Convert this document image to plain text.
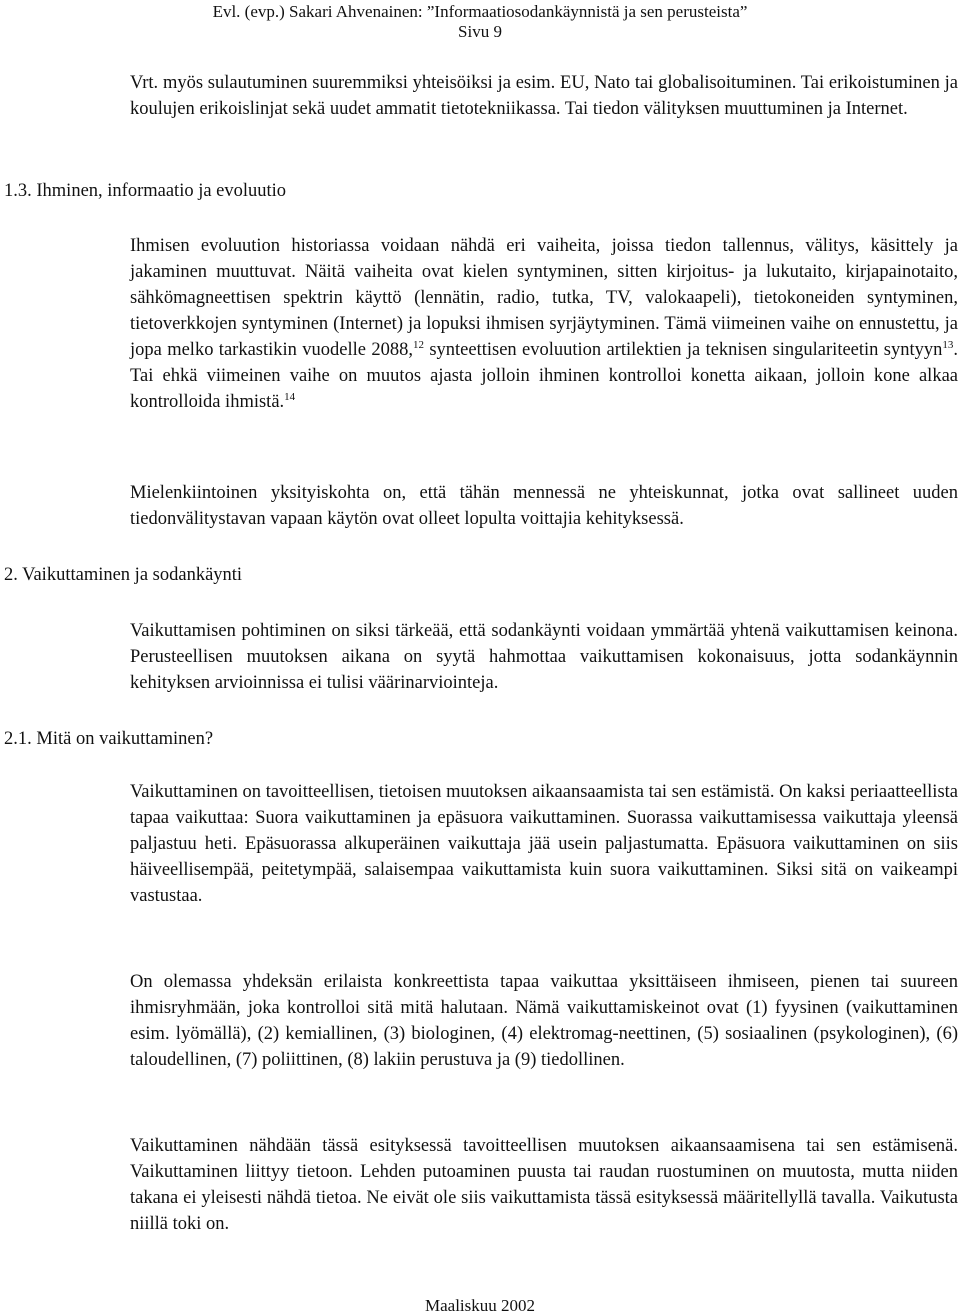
Evl. (evp.) Sakari Ahvenainen: ”Informaatiosodankäynnistä ja sen perusteista”
Sivu 9

Vrt. myös sulautuminen suuremmiksi yhteisöiksi ja esim. EU, Nato tai globalisoituminen. Tai erikoistuminen ja koulujen erikoislinjat sekä uudet ammatit tietotekniikassa. Tai tiedon välityksen muuttuminen ja Internet.

1.3. Ihminen, informaatio ja evoluutio

Ihmisen evoluution historiassa voidaan nähdä eri vaiheita, joissa tiedon tallennus, välitys, käsittely ja jakaminen muuttuvat. Näitä vaiheita ovat kielen syntyminen, sitten kirjoitus- ja lukutaito, kirjapainotaito, sähkömagneettisen spektrin käyttö (lennätin, radio, tutka, TV, valokaapeli), tietokoneiden syntyminen, tietoverkkojen syntyminen (Internet) ja lopuksi ihmisen syrjäytyminen. Tämä viimeinen vaihe on ennustettu, ja jopa melko tarkastikin vuodelle 2088,12 synteettisen evoluution artilektien ja teknisen singulariteetin syntyyn$^{13}$. Tai ehkä viimeinen vaihe on muutos ajasta jolloin ihminen kontrolloi konetta aikaan, jolloin kone alkaa kontrolloida ihmistä.$^{14}$

Mielenkiintoinen yksityiskohta on, että tähän mennessä ne yhteiskunnat, jotka ovat sallineet uuden tiedonvälitystavan vapaan käytön ovat olleet lopulta voittajia kehityksessä.

2. Vaikuttaminen ja sodankäynti

Vaikuttamisen pohtiminen on siksi tärkeää, että sodankäynti voidaan ymmärtää yhtenä vaikuttamisen keinona. Perusteellisen muutoksen aikana on syytä hahmottaa vaikuttamisen kokonaisuus, jotta sodankäynnin kehityksen arvioinnissa ei tulisi väärinarviointeja.

2.1. Mitä on vaikuttaminen?

Vaikuttaminen on tavoitteellisen, tietoisen muutoksen aikaansaamista tai sen estämistä. On kaksi periaatteellista tapaa vaikuttaa: Suora vaikuttaminen ja epäsuora vaikuttaminen. Suorassa vaikuttamisessa vaikuttaja yleensä paljastuu heti. Epäsuorassa alkuperäinen vaikuttaja jää usein paljastumatta. Epäsuora vaikuttaminen on siis häiveellisempää, peitetympää, salaisempaa vaikuttamista kuin suora vaikuttaminen. Siksi sitä on vaikeampi vastustaa.

On olemassa yhdeksän erilaista konkreettista tapaa vaikuttaa yksittäiseen ihmiseen, pienen tai suureen ihmisryhmään, joka kontrolloi sitä mitä halutaan. Nämä vaikuttamiskeinot ovat (1) fyysinen (vaikuttaminen esim. lyömällä), (2) kemiallinen, (3) biologinen, (4) elektromag-neettinen, (5) sosiaalinen (psykologinen), (6) taloudellinen, (7) poliittinen, (8) lakiin perustuva ja (9) tiedollinen.

Vaikuttaminen nähdään tässä esityksessä tavoitteellisen muutoksen aikaansaamisena tai sen estämisenä. Vaikuttaminen liittyy tietoon. Lehden putoaminen puusta tai raudan ruostuminen on muutosta, mutta niiden takana ei yleisesti nähdä tietoa. Ne eivät ole siis vaikuttamista tässä esityksessä määritellyllä tavalla. Vaikutusta niillä toki on.

Maaliskuu 2002
